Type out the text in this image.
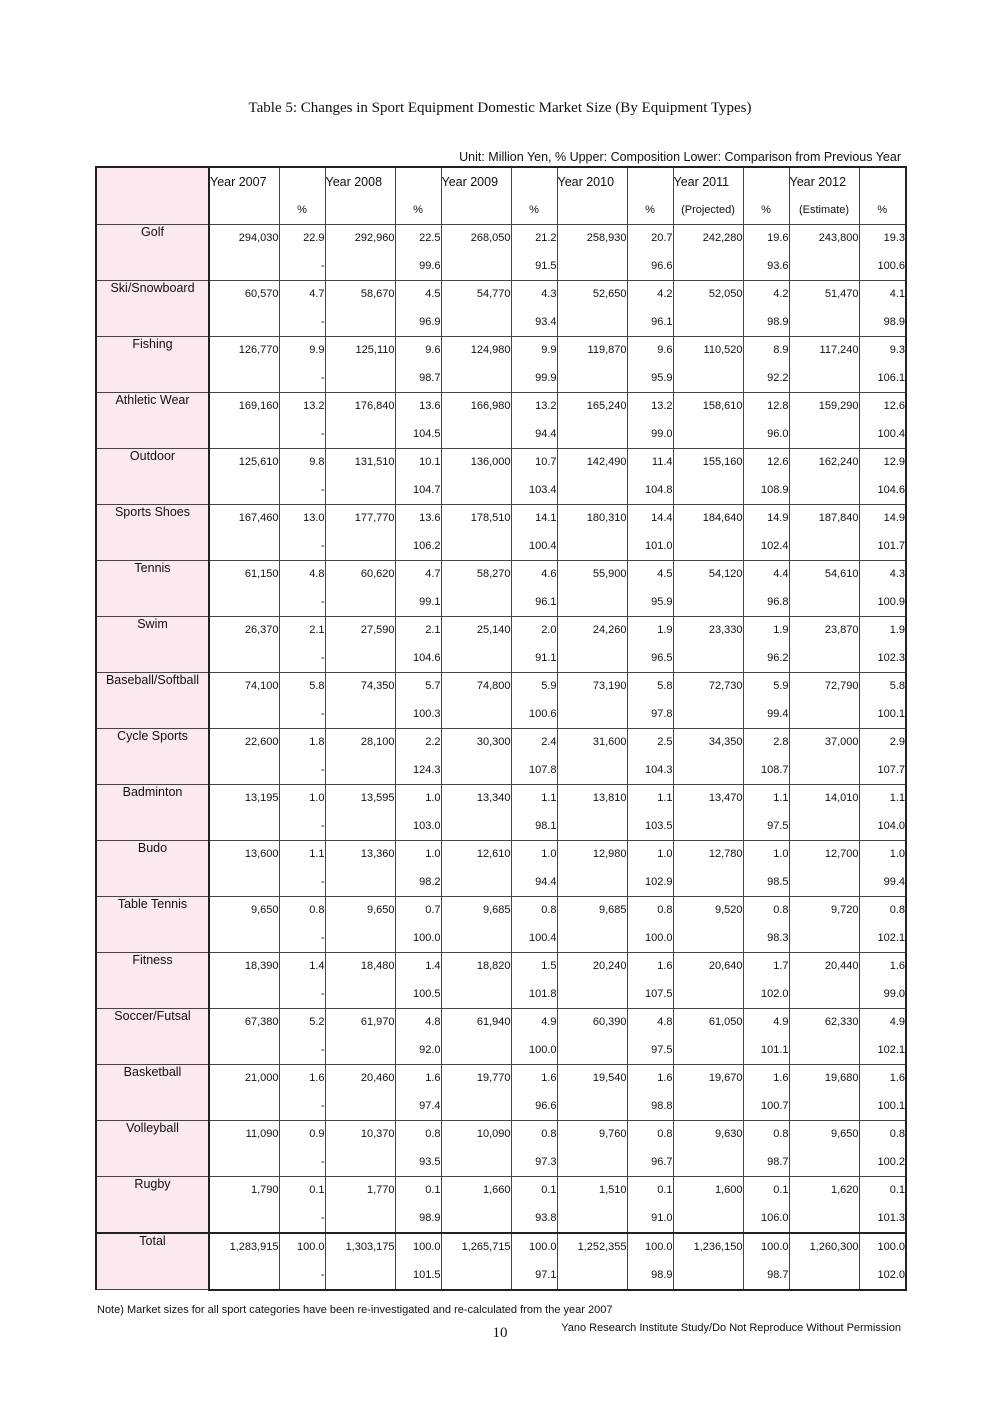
Table 5: Changes in Sport Equipment Domestic Market Size (By Equipment Types)
Unit: Million Yen, % Upper: Composition Lower: Comparison from Previous Year
	Year 2007		Year 2008		Year 2009		Year 2010		Year 2011		Year 2012	
		%		%		%		%	(Projected)	%	(Estimate)	%
Golf	294,030	22.9	292,960	22.5	268,050	21.2	258,930	20.7	242,280	19.6	243,800	19.3
		-		99.6		91.5		96.6		93.6		100.6
Ski/Snowboard	60,570	4.7	58,670	4.5	54,770	4.3	52,650	4.2	52,050	4.2	51,470	4.1
		-		96.9		93.4		96.1		98.9		98.9
Fishing	126,770	9.9	125,110	9.6	124,980	9.9	119,870	9.6	110,520	8.9	117,240	9.3
		-		98.7		99.9		95.9		92.2		106.1
Athletic Wear	169,160	13.2	176,840	13.6	166,980	13.2	165,240	13.2	158,610	12.8	159,290	12.6
		-		104.5		94.4		99.0		96.0		100.4
Outdoor	125,610	9.8	131,510	10.1	136,000	10.7	142,490	11.4	155,160	12.6	162,240	12.9
		-		104.7		103.4		104.8		108.9		104.6
Sports Shoes	167,460	13.0	177,770	13.6	178,510	14.1	180,310	14.4	184,640	14.9	187,840	14.9
		-		106.2		100.4		101.0		102.4		101.7
Tennis	61,150	4.8	60,620	4.7	58,270	4.6	55,900	4.5	54,120	4.4	54,610	4.3
		-		99.1		96.1		95.9		96.8		100.9
Swim	26,370	2.1	27,590	2.1	25,140	2.0	24,260	1.9	23,330	1.9	23,870	1.9
		-		104.6		91.1		96.5		96.2		102.3
Baseball/Softball	74,100	5.8	74,350	5.7	74,800	5.9	73,190	5.8	72,730	5.9	72,790	5.8
		-		100.3		100.6		97.8		99.4		100.1
Cycle Sports	22,600	1.8	28,100	2.2	30,300	2.4	31,600	2.5	34,350	2.8	37,000	2.9
		-		124.3		107.8		104.3		108.7		107.7
Badminton	13,195	1.0	13,595	1.0	13,340	1.1	13,810	1.1	13,470	1.1	14,010	1.1
		-		103.0		98.1		103.5		97.5		104.0
Budo	13,600	1.1	13,360	1.0	12,610	1.0	12,980	1.0	12,780	1.0	12,700	1.0
		-		98.2		94.4		102.9		98.5		99.4
Table Tennis	9,650	0.8	9,650	0.7	9,685	0.8	9,685	0.8	9,520	0.8	9,720	0.8
		-		100.0		100.4		100.0		98.3		102.1
Fitness	18,390	1.4	18,480	1.4	18,820	1.5	20,240	1.6	20,640	1.7	20,440	1.6
		-		100.5		101.8		107.5		102.0		99.0
Soccer/Futsal	67,380	5.2	61,970	4.8	61,940	4.9	60,390	4.8	61,050	4.9	62,330	4.9
		-		92.0		100.0		97.5		101.1		102.1
Basketball	21,000	1.6	20,460	1.6	19,770	1.6	19,540	1.6	19,670	1.6	19,680	1.6
		-		97.4		96.6		98.8		100.7		100.1
Volleyball	11,090	0.9	10,370	0.8	10,090	0.8	9,760	0.8	9,630	0.8	9,650	0.8
		-		93.5		97.3		96.7		98.7		100.2
Rugby	1,790	0.1	1,770	0.1	1,660	0.1	1,510	0.1	1,600	0.1	1,620	0.1
		-		98.9		93.8		91.0		106.0		101.3
Total	1,283,915	100.0	1,303,175	100.0	1,265,715	100.0	1,252,355	100.0	1,236,150	100.0	1,260,300	100.0
		-		101.5		97.1		98.9		98.7		102.0
Note) Market sizes for all sport categories have been re-investigated and re-calculated from the year 2007
10	Yano Research Institute Study/Do Not Reproduce Without Permission
